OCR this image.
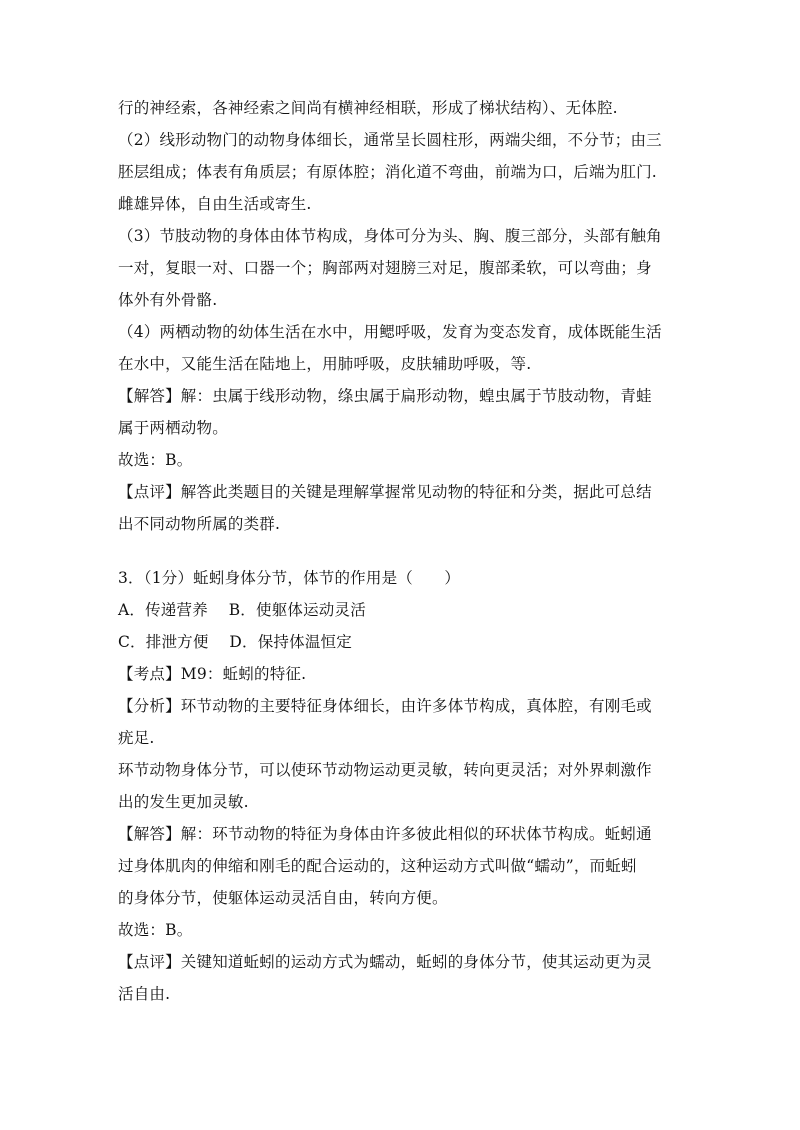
行的神经索，各神经索之间尚有横神经相联，形成了梯状结构）、无体腔.
（2）线形动物门的动物身体细长，通常呈长圆柱形，两端尖细，不分节；由三
胚层组成；体表有角质层；有原体腔；消化道不弯曲，前端为口，后端为肛门.
雌雄异体，自由生活或寄生.
（3）节肢动物的身体由体节构成，身体可分为头、胸、腹三部分，头部有触角
一对，复眼一对、口器一个；胸部两对翅膀三对足，腹部柔软，可以弯曲；身
体外有外骨骼.
（4）两栖动物的幼体生活在水中，用鳃呼吸，发育为变态发育，成体既能生活
在水中，又能生活在陆地上，用肺呼吸，皮肤辅助呼吸，等.
【解答】解：虫属于线形动物，绦虫属于扁形动物，蝗虫属于节肢动物，青蛙
属于两栖动物。
故选：B。
【点评】解答此类题目的关键是理解掌握常见动物的特征和分类，据此可总结
出不同动物所属的类群.
3．（1分）蚯蚓身体分节，体节的作用是（　　）
A．传递营养　 B．使躯体运动灵活
C．排泄方便　 D．保持体温恒定
【考点】M9：蚯蚓的特征.
【分析】环节动物的主要特征身体细长，由许多体节构成，真体腔，有刚毛或
疣足.
环节动物身体分节，可以使环节动物运动更灵敏，转向更灵活；对外界刺激作
出的发生更加灵敏.
【解答】解：环节动物的特征为身体由许多彼此相似的环状体节构成。蚯蚓通
过身体肌肉的伸缩和刚毛的配合运动的，这种运动方式叫做“蠕动”，而蚯蚓
的身体分节，使躯体运动灵活自由，转向方便。
故选：B。
【点评】关键知道蚯蚓的运动方式为蠕动，蚯蚓的身体分节，使其运动更为灵
活自由.
